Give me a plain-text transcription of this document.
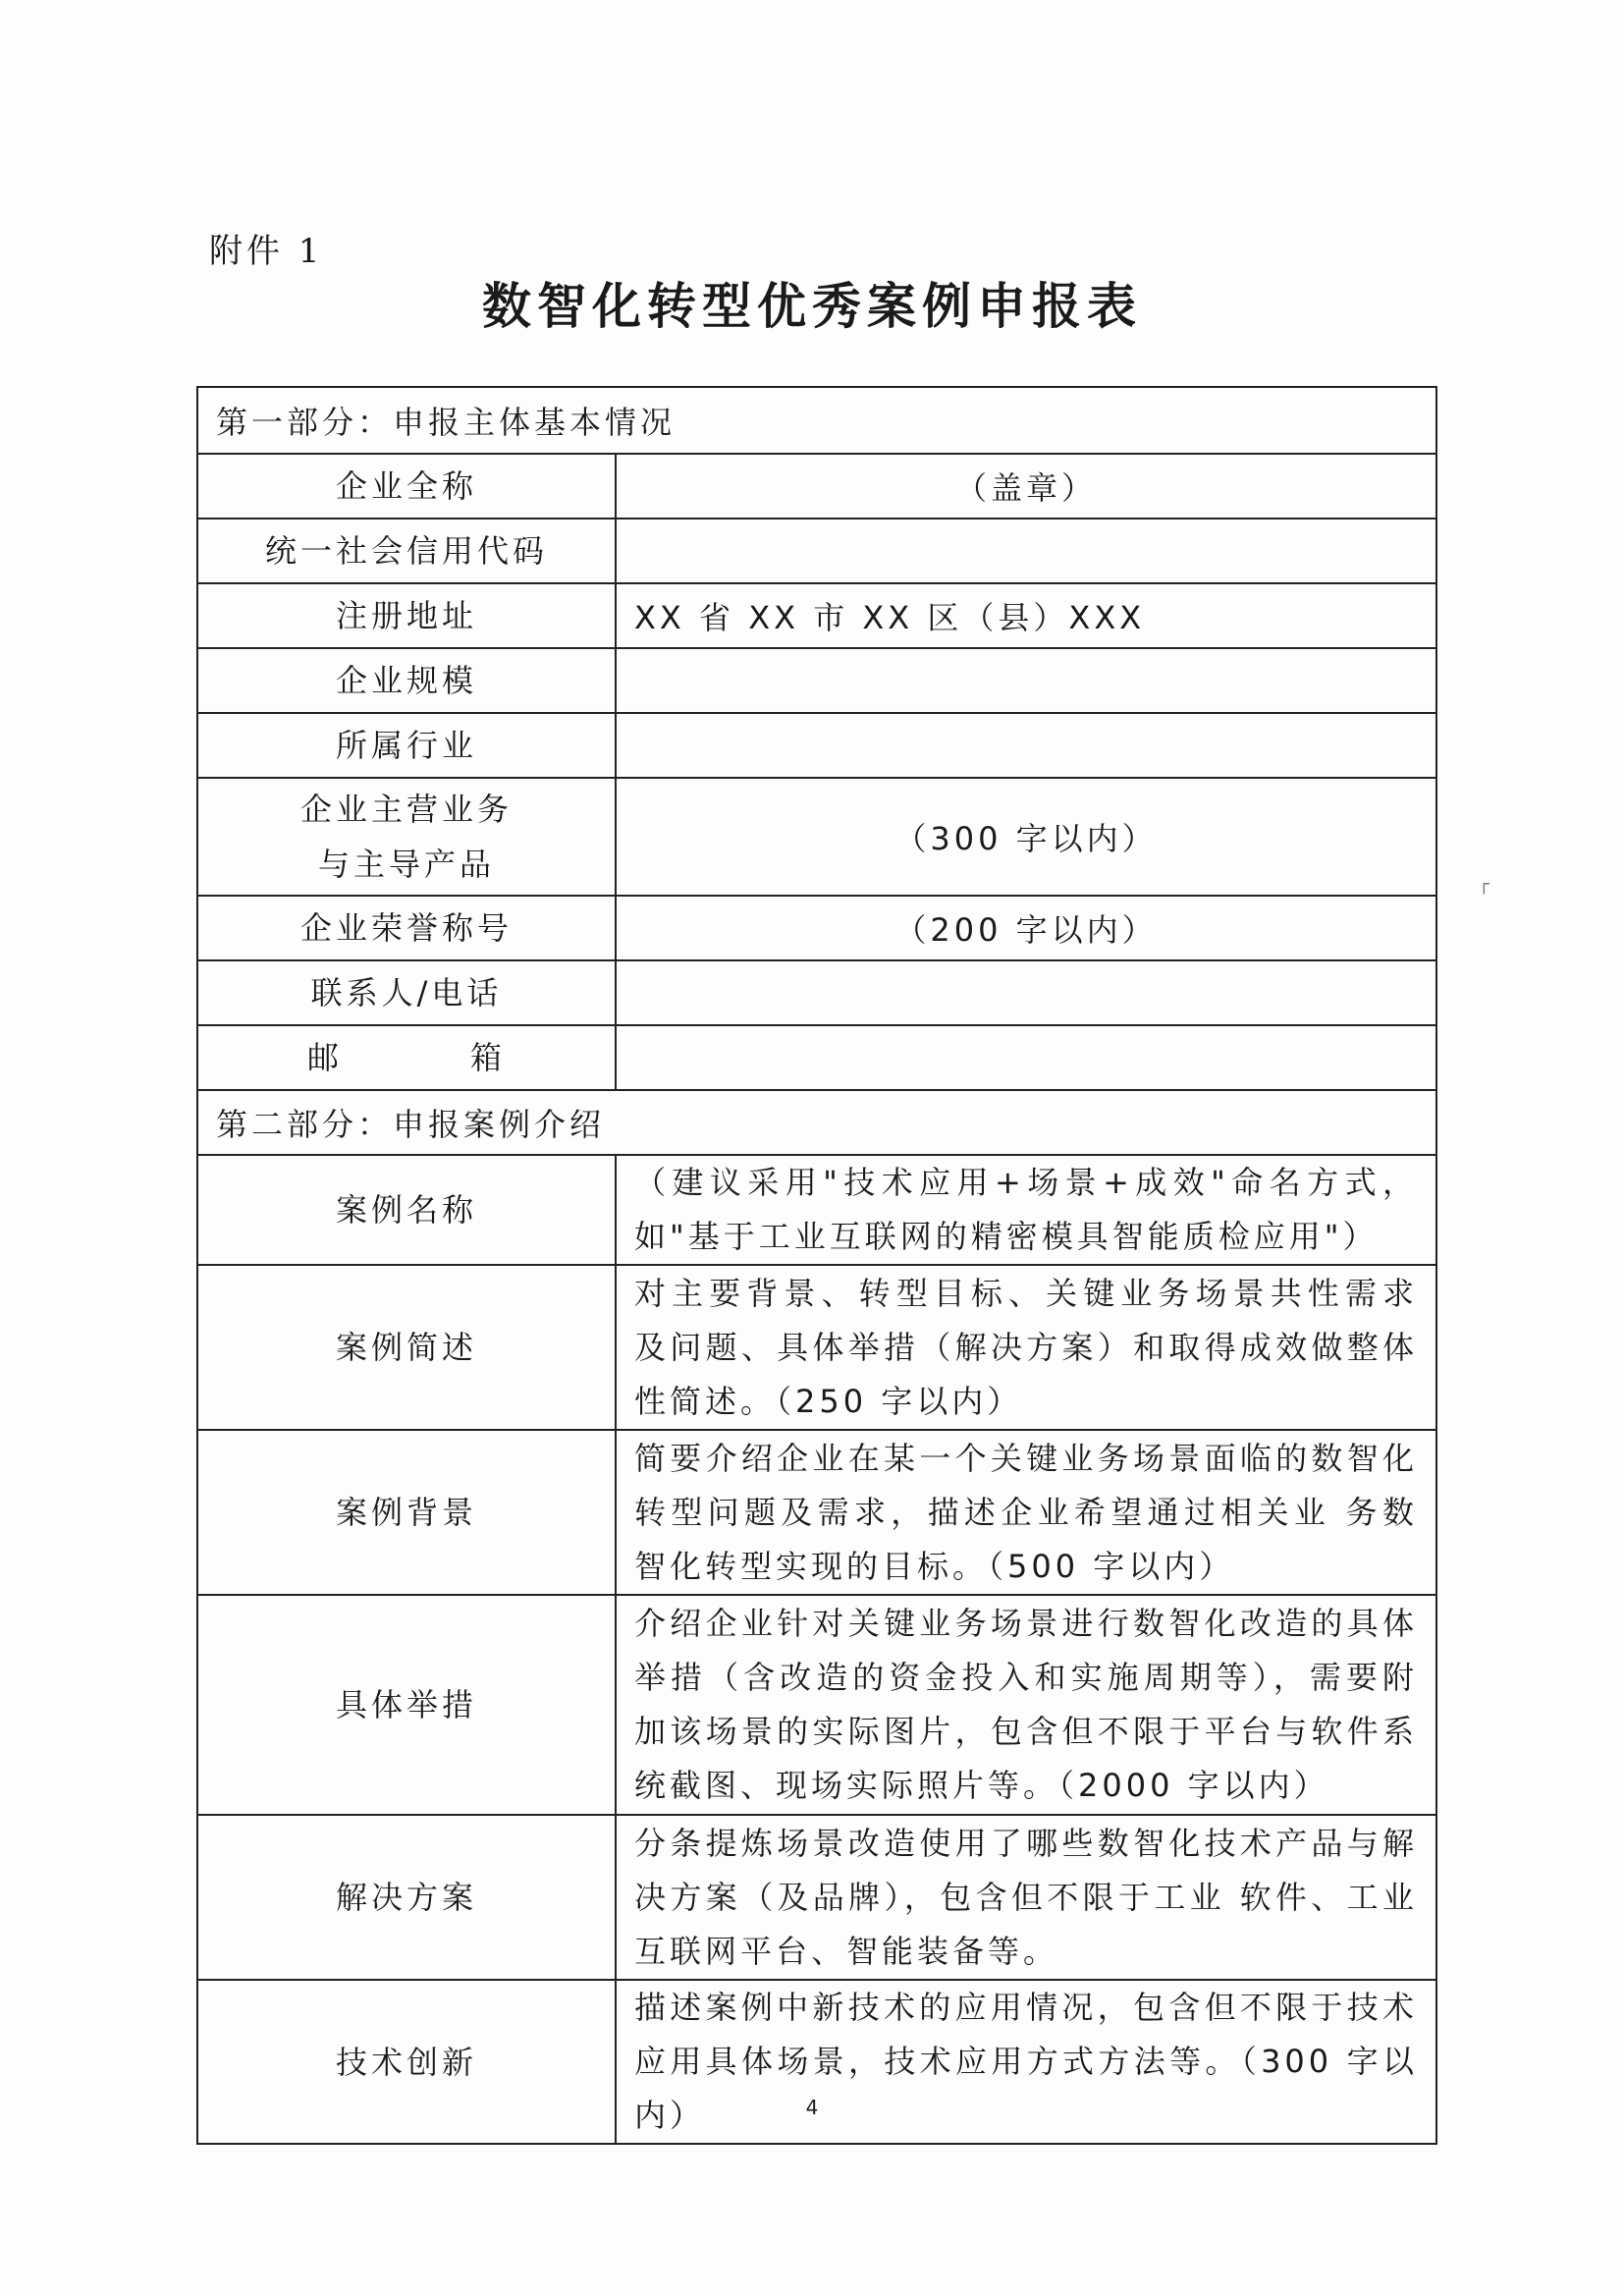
附件 1
数智化转型优秀案例申报表
第一部分：申报主体基本情况	
企业全称	（盖章）
统一社会信用代码	
注册地址	XX 省 XX 市 XX 区（县）XXX
企业规模	
所属行业	

企业主营业务
与主导产品	（300 字以内）
企业荣誉称号	（200 字以内）
联系人/电话	
邮 箱	
第二部分：申报案例介绍	
案例名称	（建议采用"技术应用+场景+成效"命名方式，如"基于工业互联网的精密模具智能质检应用"）
案例简述	对主要背景、转型目标、关键业务场景共性需求 及问题、具体举措（解决方案）和取得成效做整体性简述。（250 字以内）
案例背景	简要介绍企业在某一个关键业务场景面临的数智化转型问题及需求，描述企业希望通过相关业 务数智化转型实现的目标。（500 字以内）
具体举措	介绍企业针对关键业务场景进行数智化改造的具体举措（含改造的资金投入和实施周期等），需要附加该场景的实际图片，包含但不限于平台与软件系统截图、现场实际照片等。（2000 字以内）
解决方案	分条提炼场景改造使用了哪些数智化技术产品与解决方案（及品牌），包含但不限于工业 软件、工业互联网平台、智能装备等。
技术创新	描述案例中新技术的应用情况，包含但不限于技术应用具体场景，技术应用方式方法等。（300 字以内）
┌
4
